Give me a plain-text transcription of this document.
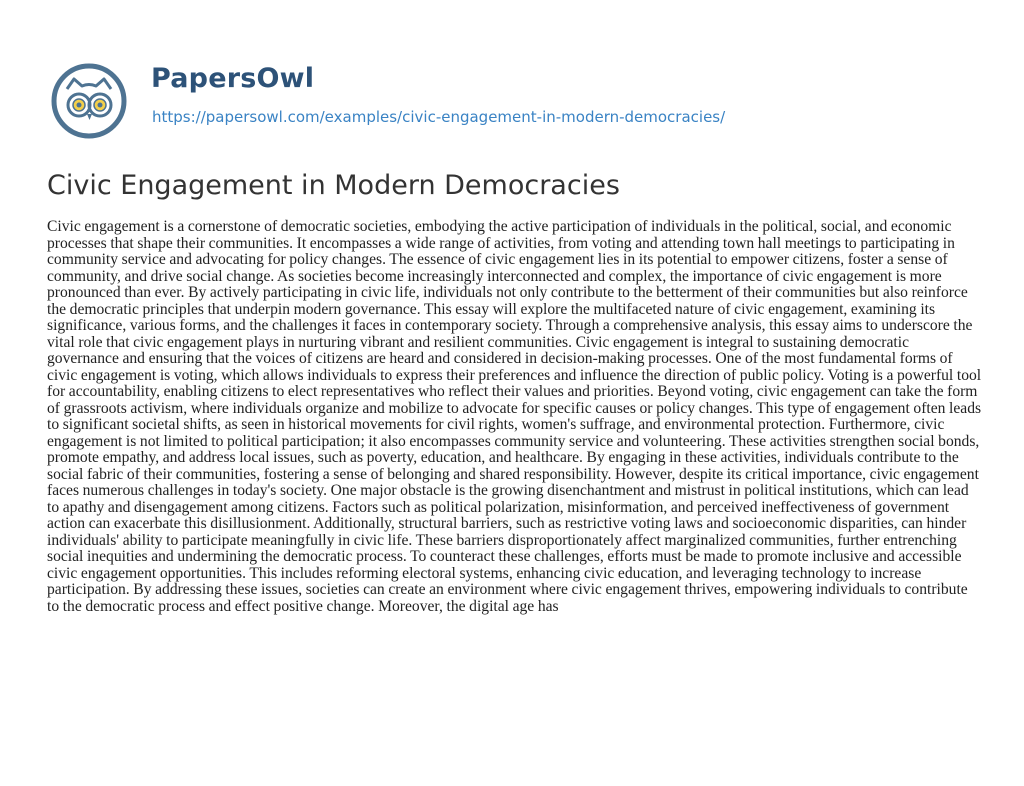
PapersOwl
https://papersowl.com/examples/civic-engagement-in-modern-democracies/
Civic Engagement in Modern Democracies

Civic engagement is a cornerstone of democratic societies, embodying the active participation of individuals in the political, social, and economic processes that shape their communities. It encompasses a wide range of activities, from voting and attending town hall meetings to participating in community service and advocating for policy changes. The essence of civic engagement lies in its potential to empower citizens, foster a sense of community, and drive social change. As societies become increasingly interconnected and complex, the importance of civic engagement is more pronounced than ever. By actively participating in civic life, individuals not only contribute to the betterment of their communities but also reinforce the democratic principles that underpin modern governance. This essay will explore the multifaceted nature of civic engagement, examining its significance, various forms, and the challenges it faces in contemporary society. Through a comprehensive analysis, this essay aims to underscore the vital role that civic engagement plays in nurturing vibrant and resilient communities. Civic engagement is integral to sustaining democratic governance and ensuring that the voices of citizens are heard and considered in decision-making processes. One of the most fundamental forms of civic engagement is voting, which allows individuals to express their preferences and influence the direction of public policy. Voting is a powerful tool for accountability, enabling citizens to elect representatives who reflect their values and priorities. Beyond voting, civic engagement can take the form of grassroots activism, where individuals organize and mobilize to advocate for specific causes or policy changes. This type of engagement often leads to significant societal shifts, as seen in historical movements for civil rights, women's suffrage, and environmental protection. Furthermore, civic engagement is not limited to political participation; it also encompasses community service and volunteering. These activities strengthen social bonds, promote empathy, and address local issues, such as poverty, education, and healthcare. By engaging in these activities, individuals contribute to the social fabric of their communities, fostering a sense of belonging and shared responsibility. However, despite its critical importance, civic engagement faces numerous challenges in today's society. One major obstacle is the growing disenchantment and mistrust in political institutions, which can lead to apathy and disengagement among citizens. Factors such as political polarization, misinformation, and perceived ineffectiveness of government action can exacerbate this disillusionment. Additionally, structural barriers, such as restrictive voting laws and socioeconomic disparities, can hinder individuals' ability to participate meaningfully in civic life. These barriers disproportionately affect marginalized communities, further entrenching social inequities and undermining the democratic process. To counteract these challenges, efforts must be made to promote inclusive and accessible civic engagement opportunities. This includes reforming electoral systems, enhancing civic education, and leveraging technology to increase participation. By addressing these issues, societies can create an environment where civic engagement thrives, empowering individuals to contribute to the democratic process and effect positive change. Moreover, the digital age has
